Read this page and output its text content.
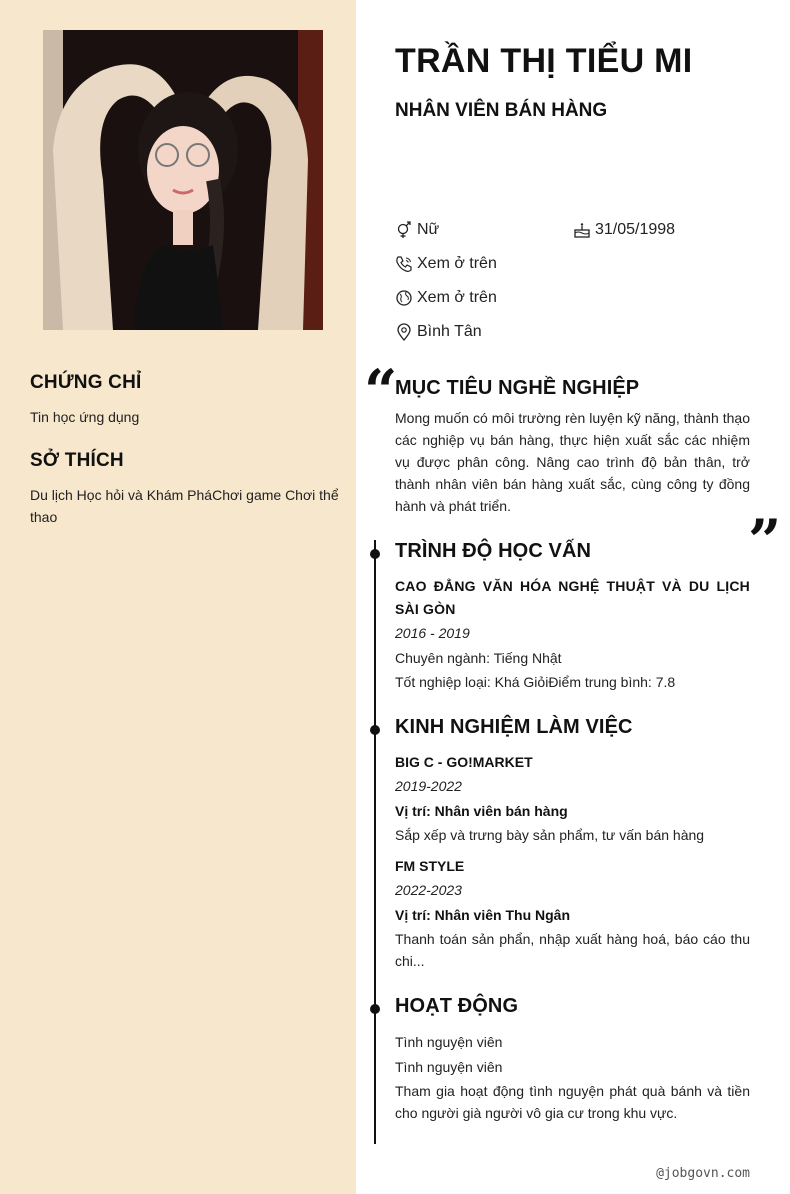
CHỨNG CHỈ

Tin học ứng dụng

SỞ THÍCH

Du lịch Học hỏi và Khám PháChơi game Chơi thể thao

TRẦN THỊ TIỂU MI
NHÂN VIÊN BÁN HÀNG
Nữ	31/05/1998
Xem ở trên
Xem ở trên
Bình Tân
“
MỤC TIÊU NGHỀ NGHIỆP
Mong muốn có môi trường rèn luyện kỹ năng, thành thạo các nghiệp vụ bán hàng, thực hiện xuất sắc các nhiệm vụ được phân công. Nâng cao trình độ bản thân, trở thành nhân viên bán hàng xuất sắc, cùng công ty đồng hành và phát triển.
”
TRÌNH ĐỘ HỌC VẤN
CAO ĐẲNG VĂN HÓA NGHỆ THUẬT VÀ DU LỊCH SÀI GÒN
2016 - 2019
Chuyên ngành: Tiếng Nhật
Tốt nghiệp loại: Khá GiỏiĐiểm trung bình: 7.8
KINH NGHIỆM LÀM VIỆC
BIG C - GO!MARKET
2019-2022
Vị trí: Nhân viên bán hàng
Sắp xếp và trưng bày sản phẩm, tư vấn bán hàng
FM STYLE
2022-2023
Vị trí: Nhân viên Thu Ngân
Thanh toán sản phẩn, nhập xuất hàng hoá, báo cáo thu chi...
HOẠT ĐỘNG
Tình nguyện viên
Tình nguyện viên
Tham gia hoạt động tình nguyện phát quà bánh và tiền cho người già người vô gia cư trong khu vực.
@jobgovn.com
